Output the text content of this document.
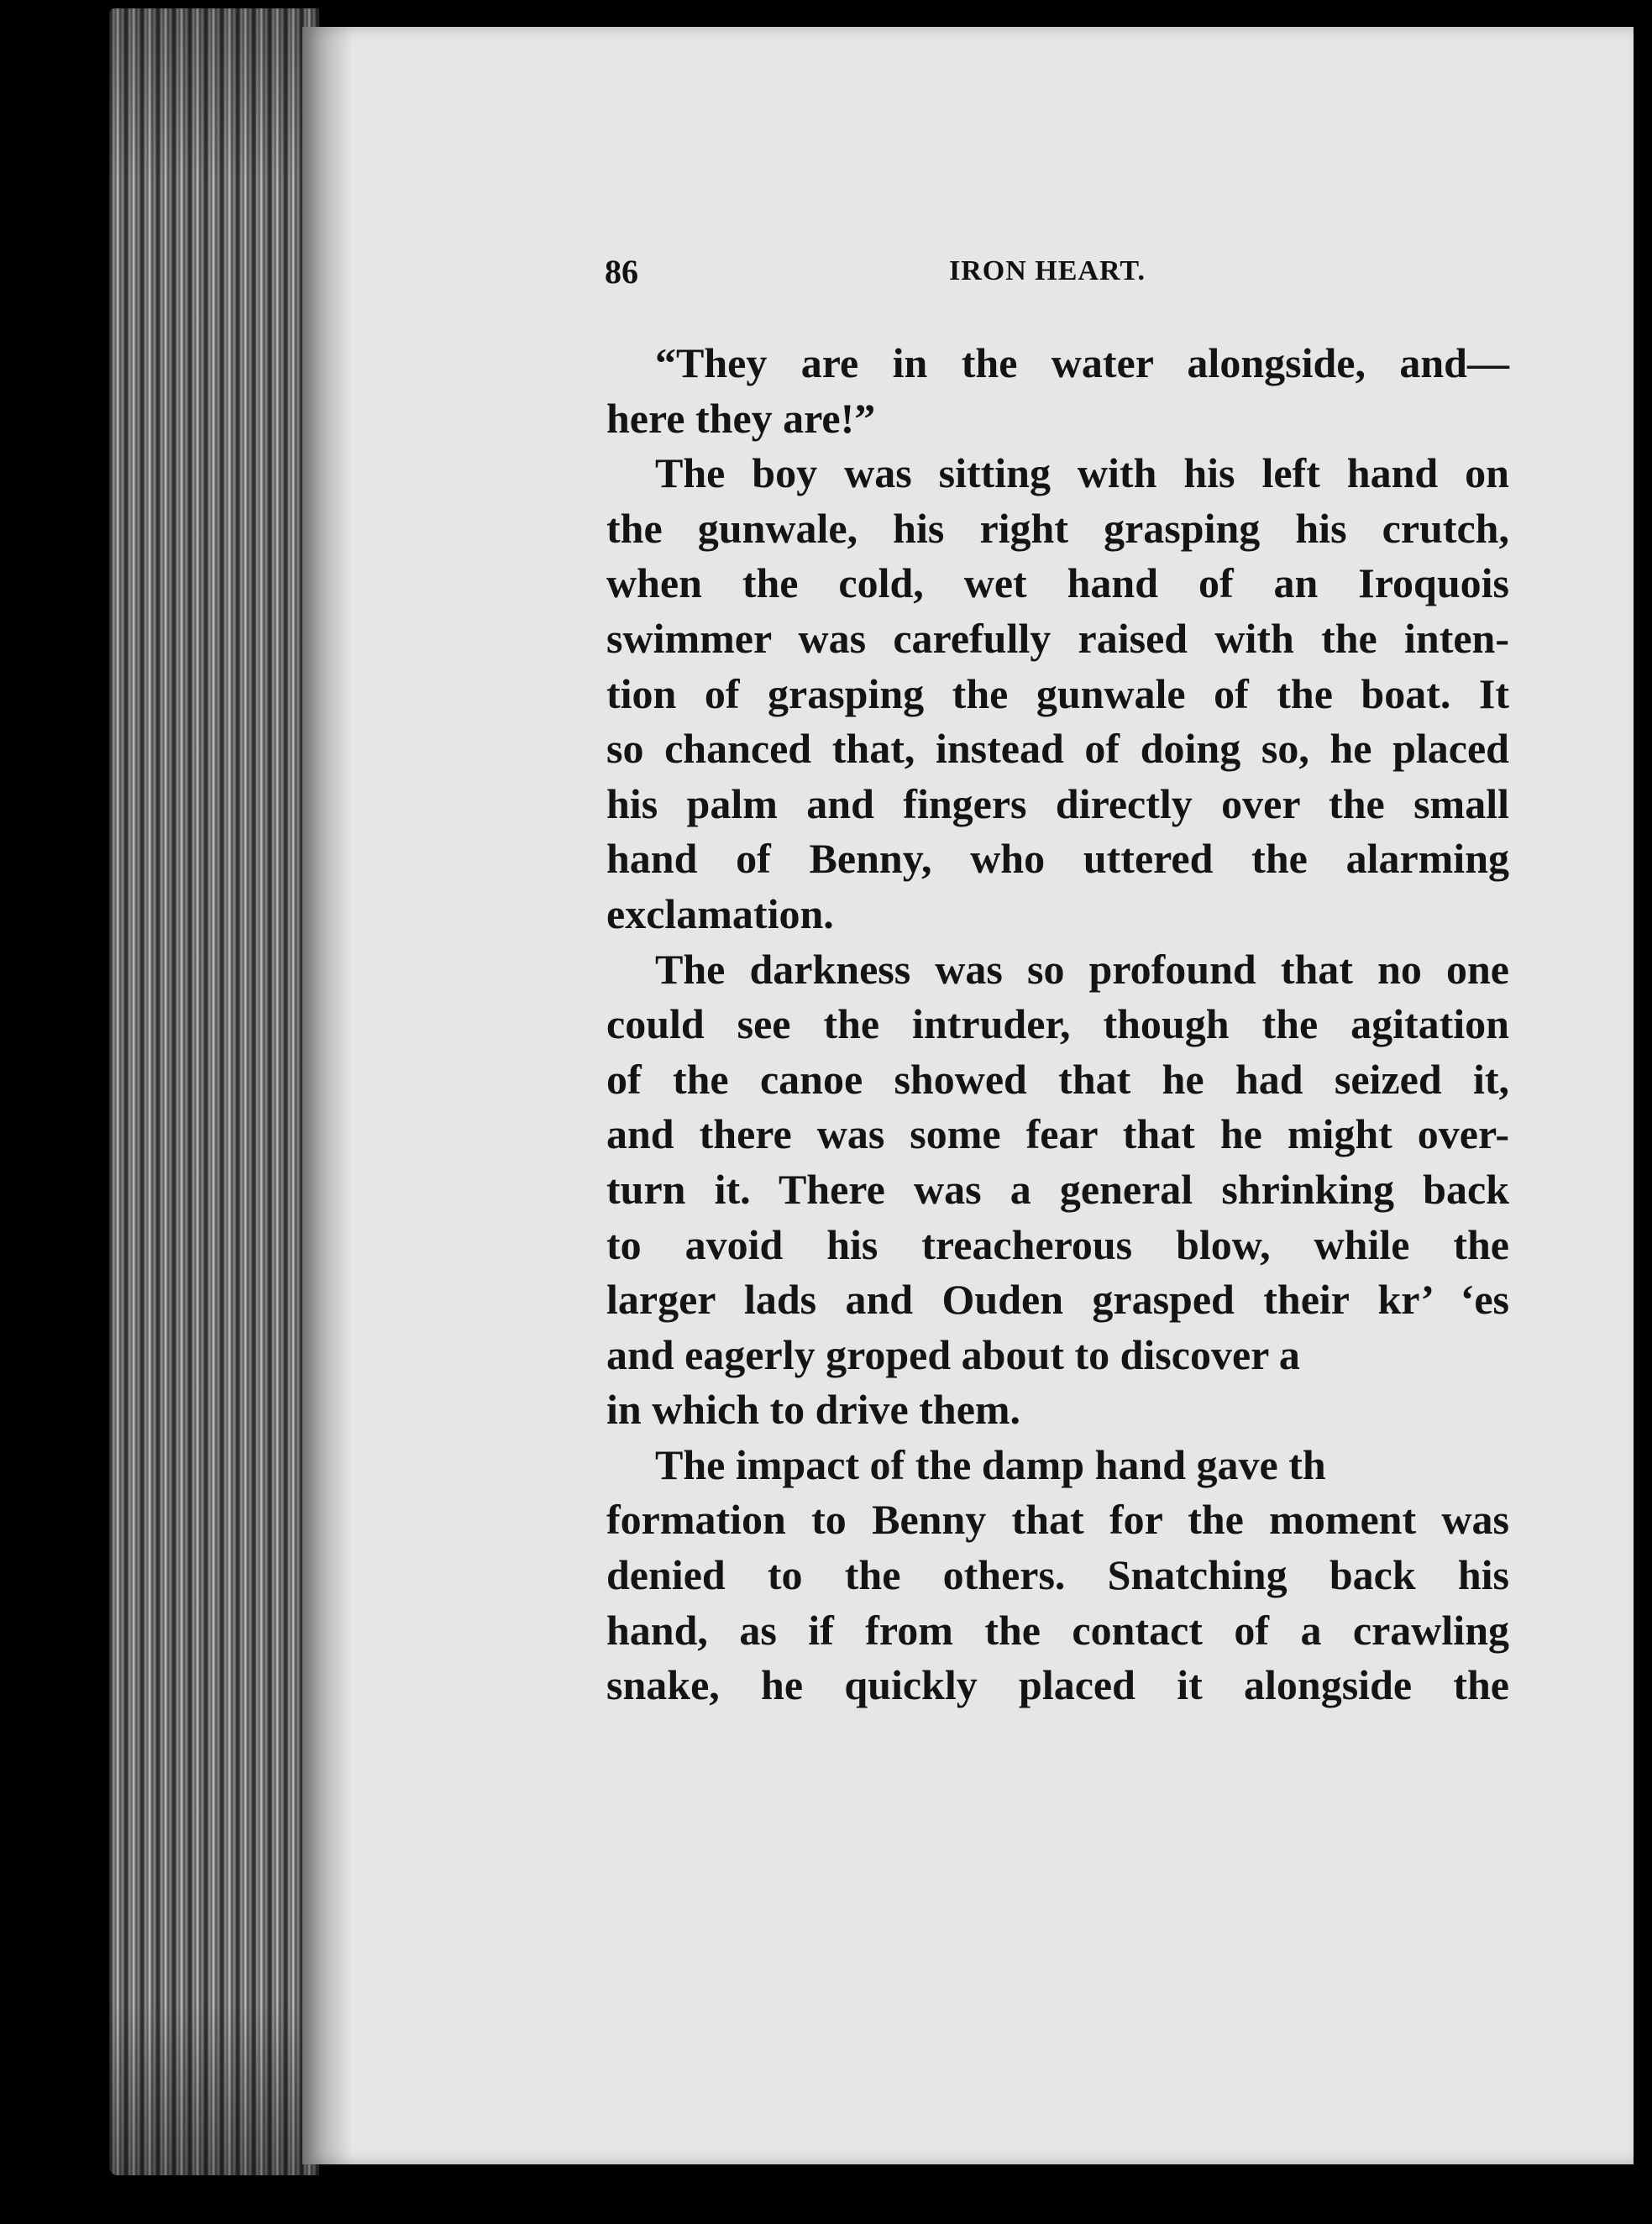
86	IRON HEART.
“They are in the water alongside, and—
here they are!”
The boy was sitting with his left hand on
the gunwale, his right grasping his crutch,
when the cold, wet hand of an Iroquois
swimmer was carefully raised with the inten-
tion of grasping the gunwale of the boat. It
so chanced that, instead of doing so, he placed
his palm and fingers directly over the small
hand of Benny, who uttered the alarming
exclamation.
The darkness was so profound that no one
could see the intruder, though the agitation
of the canoe showed that he had seized it,
and there was some fear that he might over-
turn it. There was a general shrinking back
to avoid his treacherous blow, while the
larger lads and Ouden grasped their kr’ ‘es
and eagerly groped about to discover a
in which to drive them.
The impact of the damp hand gave th
formation to Benny that for the moment was
denied to the others. Snatching back his
hand, as if from the contact of a crawling
snake, he quickly placed it alongside the
